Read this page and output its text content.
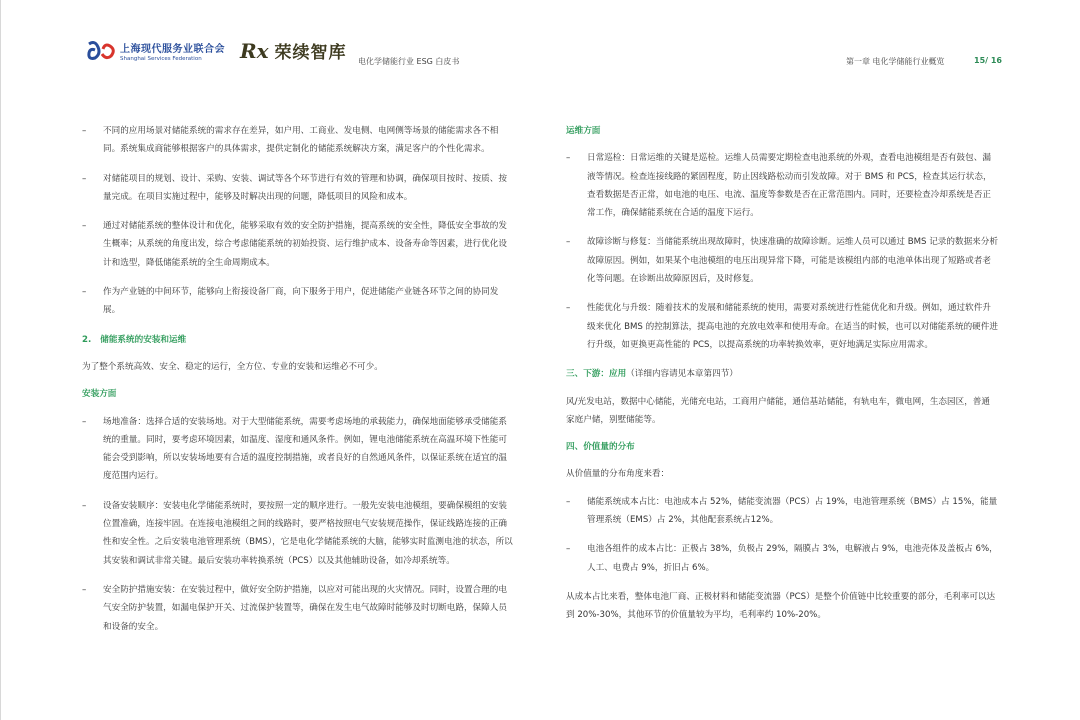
上海现代服务业联合会
Shanghai Services Federation	Rx 荣续智库 电化学储能行业 ESG 白皮书	第一章 电化学储能行业概览	15/ 16
– 不同的应用场景对储能系统的需求存在差异，如户用、工商业、发电侧、电网侧等场景的储能需求各不相同。系统集成商能够根据客户的具体需求，提供定制化的储能系统解决方案，满足客户的个性化需求。

– 对储能项目的规划、设计、采购、安装、调试等各个环节进行有效的管理和协调，确保项目按时、按质、按量完成。在项目实施过程中，能够及时解决出现的问题，降低项目的风险和成本。

– 通过对储能系统的整体设计和优化，能够采取有效的安全防护措施，提高系统的安全性，降低安全事故的发生概率；从系统的角度出发，综合考虑储能系统的初始投资、运行维护成本、设备寿命等因素，进行优化设计和选型，降低储能系统的全生命周期成本。

– 作为产业链的中间环节，能够向上衔接设备厂商，向下服务于用户，促进储能产业链各环节之间的协同发展。

2. 储能系统的安装和运维
为了整个系统高效、安全、稳定的运行，全方位、专业的安装和运维必不可少。
安装方面
– 场地准备：选择合适的安装场地。对于大型储能系统，需要考虑场地的承载能力，确保地面能够承受储能系统的重量。同时，要考虑环境因素，如温度、湿度和通风条件。例如，锂电池储能系统在高温环境下性能可能会受到影响，所以安装场地要有合适的温度控制措施，或者良好的自然通风条件，以保证系统在适宜的温度范围内运行。

– 设备安装顺序：安装电化学储能系统时，要按照一定的顺序进行。一般先安装电池模组，要确保模组的安装位置准确，连接牢固。在连接电池模组之间的线路时，要严格按照电气安装规范操作，保证线路连接的正确性和安全性。之后安装电池管理系统（BMS），它是电化学储能系统的大脑，能够实时监测电池的状态，所以其安装和调试非常关键。最后安装功率转换系统（PCS）以及其他辅助设备，如冷却系统等。

– 安全防护措施安装：在安装过程中，做好安全防护措施，以应对可能出现的火灾情况。同时，设置合理的电气安全防护装置，如漏电保护开关、过流保护装置等，确保在发生电气故障时能够及时切断电路，保障人员和设备的安全。

运维方面
– 日常巡检：日常运维的关键是巡检。运维人员需要定期检查电池系统的外观，查看电池模组是否有鼓包、漏液等情况。检查连接线路的紧固程度，防止因线路松动而引发故障。对于 BMS 和 PCS，检查其运行状态，查看数据是否正常，如电池的电压、电流、温度等参数是否在正常范围内。同时，还要检查冷却系统是否正常工作，确保储能系统在合适的温度下运行。

– 故障诊断与修复：当储能系统出现故障时，快速准确的故障诊断。运维人员可以通过 BMS 记录的数据来分析故障原因。例如，如果某个电池模组的电压出现异常下降，可能是该模组内部的电池单体出现了短路或者老化等问题。在诊断出故障原因后，及时修复。

– 性能优化与升级：随着技术的发展和储能系统的使用，需要对系统进行性能优化和升级。例如，通过软件升级来优化 BMS 的控制算法，提高电池的充放电效率和使用寿命。在适当的时候，也可以对储能系统的硬件进行升级，如更换更高性能的 PCS，以提高系统的功率转换效率，更好地满足实际应用需求。

三、下游：应用（详细内容请见本章第四节）
风/光发电站，数据中心储能，光储充电站，工商用户储能，通信基站储能，有轨电车，微电网，生态园区，普通家庭户储，别墅储能等。
四、价值量的分布
从价值量的分布角度来看：
– 储能系统成本占比：电池成本占 52%，储能变流器（PCS）占 19%，电池管理系统（BMS）占 15%，能量管理系统（EMS）占 2%，其他配套系统占12%。

– 电池各组件的成本占比：正极占 38%，负极占 29%，隔膜占 3%，电解液占 9%，电池壳体及盖板占 6%，人工、电费占 9%，折旧占 6%。

从成本占比来看，整体电池厂商、正极材料和储能变流器（PCS）是整个价值链中比较重要的部分，毛利率可以达到 20%-30%，其他环节的价值量较为平均，毛利率约 10%-20%。
